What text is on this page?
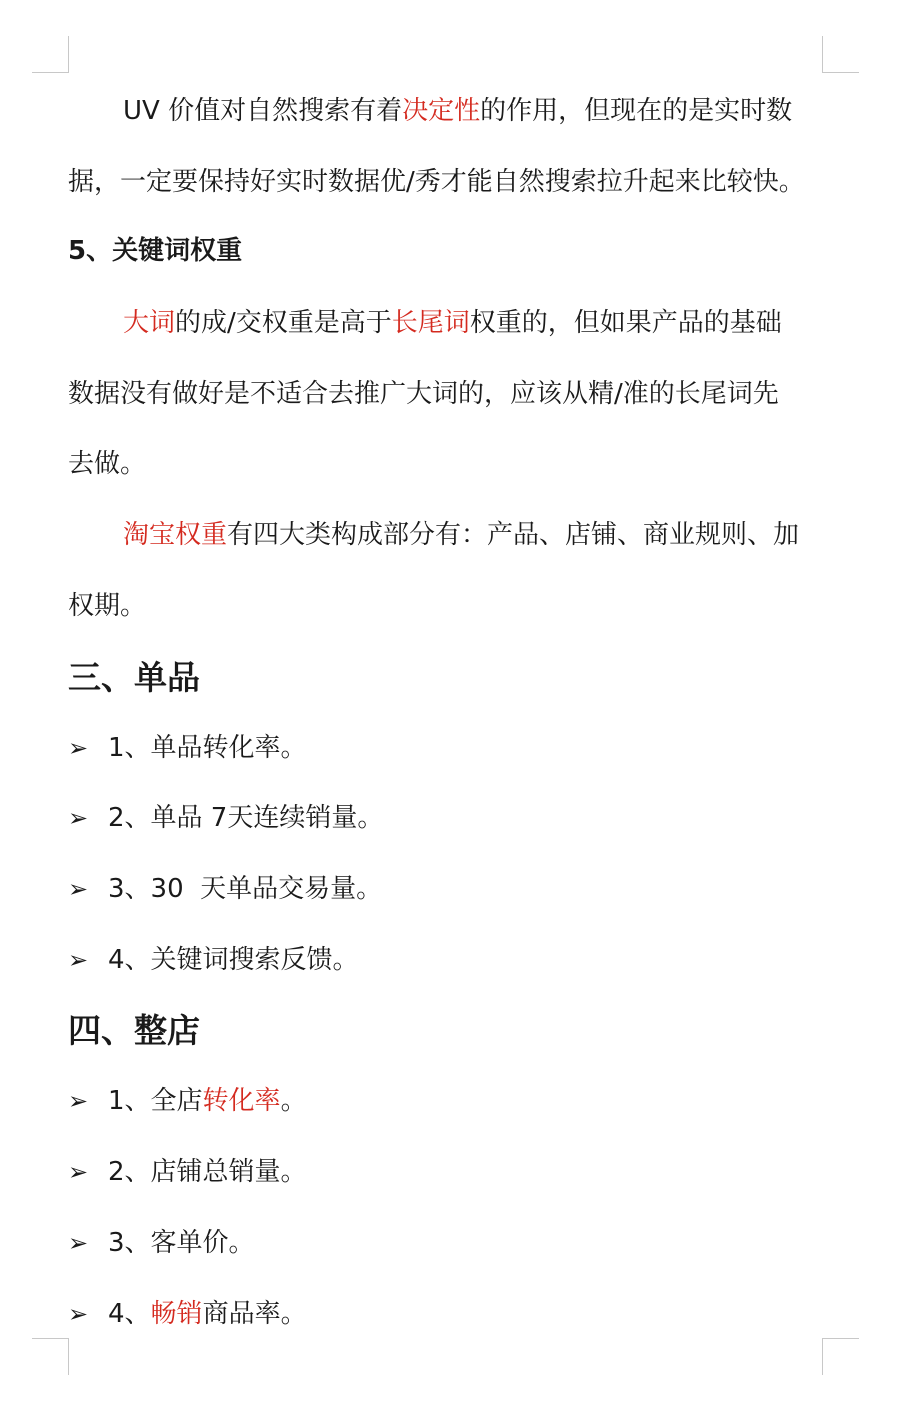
UV 价值对自然搜索有着决定性的作用，但现在的是实时数
据，一定要保持好实时数据优/秀才能自然搜索拉升起来比较快。
5、关键词权重
大词的成/交权重是高于长尾词权重的，但如果产品的基础
数据没有做好是不适合去推广大词的，应该从精/准的长尾词先
去做。
淘宝权重有四大类构成部分有：产品、店铺、商业规则、加
权期。
三、单品
➢ 1、单品转化率。
➢ 2、单品 7天连续销量。
➢ 3、30  天单品交易量。
➢ 4、关键词搜索反馈。
四、整店
➢ 1、全店转化率。
➢ 2、店铺总销量。
➢ 3、客单价。
➢ 4、畅销商品率。
